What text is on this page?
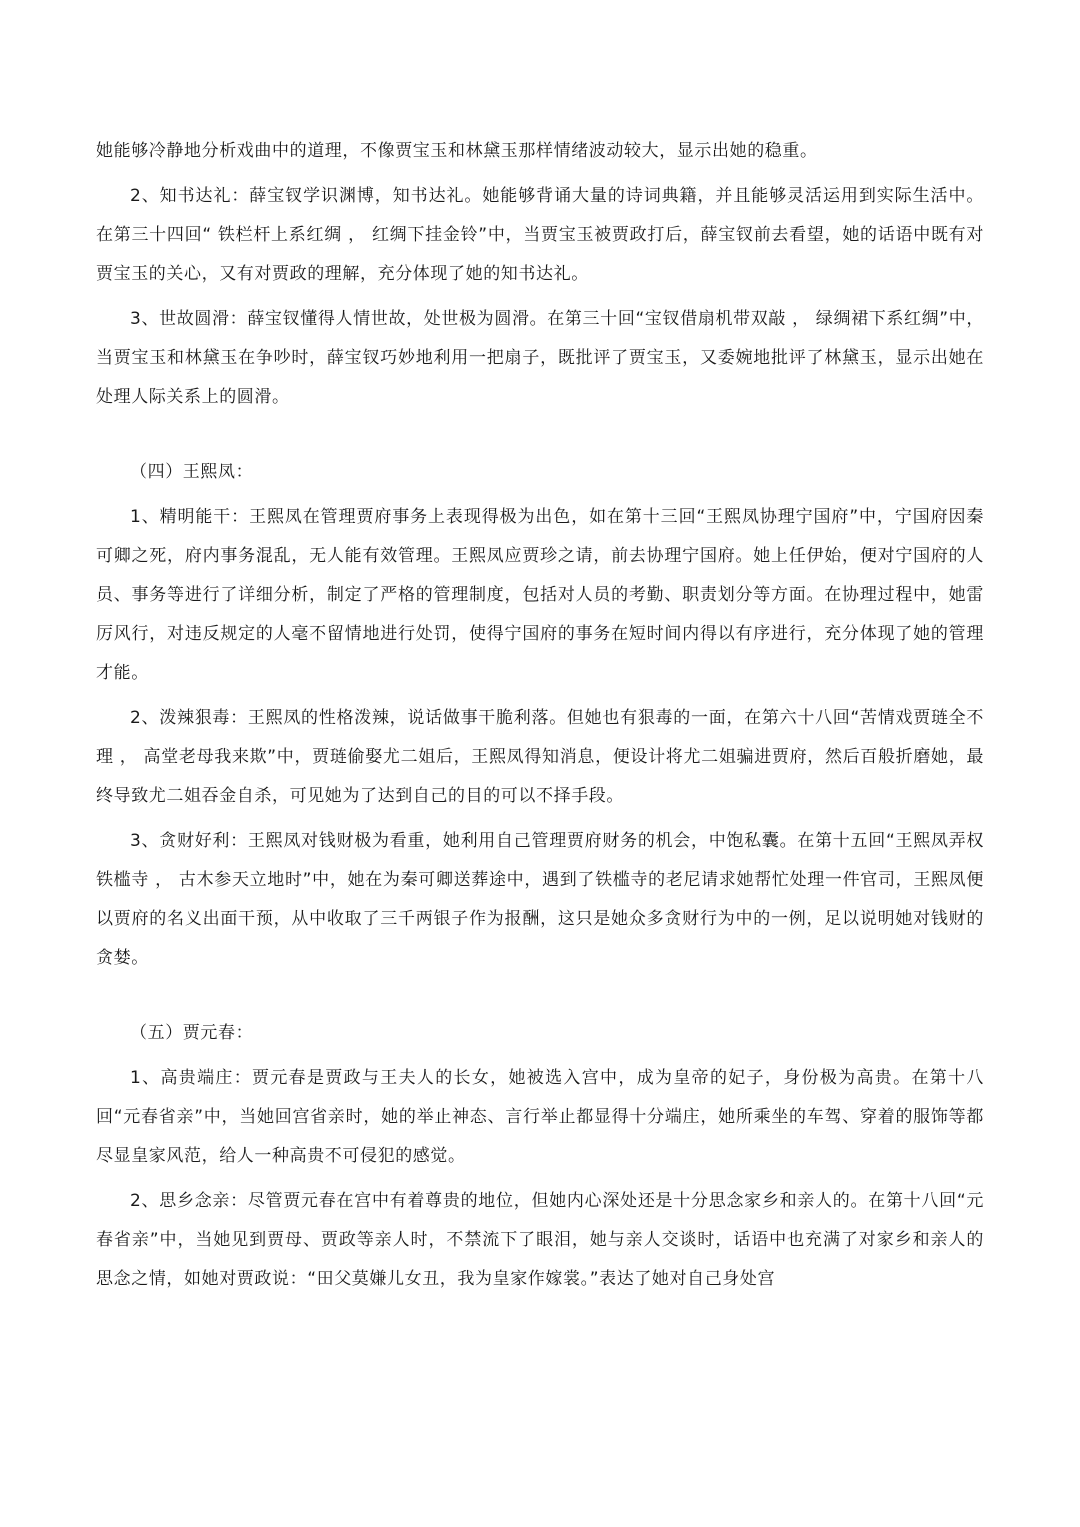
她能够冷静地分析戏曲中的道理，不像贾宝玉和林黛玉那样情绪波动较大，显示出她的稳重。

2、知书达礼：薛宝钗学识渊博，知书达礼。她能够背诵大量的诗词典籍，并且能够灵活运用到实际生活中。在第三十四回“ 铁栏杆上系红绸 ， 红绸下挂金铃”中，当贾宝玉被贾政打后，薛宝钗前去看望，她的话语中既有对贾宝玉的关心，又有对贾政的理解，充分体现了她的知书达礼。

3、世故圆滑：薛宝钗懂得人情世故，处世极为圆滑。在第三十回“宝钗借扇机带双敲 ， 绿绸裙下系红绸”中，当贾宝玉和林黛玉在争吵时，薛宝钗巧妙地利用一把扇子，既批评了贾宝玉，又委婉地批评了林黛玉，显示出她在处理人际关系上的圆滑。

（四）王熙凤：

1、精明能干：王熙凤在管理贾府事务上表现得极为出色，如在第十三回“王熙凤协理宁国府”中，宁国府因秦可卿之死，府内事务混乱，无人能有效管理。王熙凤应贾珍之请，前去协理宁国府。她上任伊始，便对宁国府的人员、事务等进行了详细分析，制定了严格的管理制度，包括对人员的考勤、职责划分等方面。在协理过程中，她雷厉风行，对违反规定的人毫不留情地进行处罚，使得宁国府的事务在短时间内得以有序进行，充分体现了她的管理才能。

2、泼辣狠毒：王熙凤的性格泼辣，说话做事干脆利落。但她也有狠毒的一面，在第六十八回“苦情戏贾琏全不理 ， 高堂老母我来欺”中，贾琏偷娶尤二姐后，王熙凤得知消息，便设计将尤二姐骗进贾府，然后百般折磨她，最终导致尤二姐吞金自杀，可见她为了达到自己的目的可以不择手段。

3、贪财好利：王熙凤对钱财极为看重，她利用自己管理贾府财务的机会，中饱私囊。在第十五回“王熙凤弄权铁槛寺 ， 古木参天立地时”中，她在为秦可卿送葬途中，遇到了铁槛寺的老尼请求她帮忙处理一件官司，王熙凤便以贾府的名义出面干预，从中收取了三千两银子作为报酬，这只是她众多贪财行为中的一例，足以说明她对钱财的贪婪。

（五）贾元春：

1、高贵端庄：贾元春是贾政与王夫人的长女，她被选入宫中，成为皇帝的妃子，身份极为高贵。在第十八回“元春省亲”中，当她回宫省亲时，她的举止神态、言行举止都显得十分端庄，她所乘坐的车驾、穿着的服饰等都尽显皇家风范，给人一种高贵不可侵犯的感觉。

2、思乡念亲：尽管贾元春在宫中有着尊贵的地位，但她内心深处还是十分思念家乡和亲人的。在第十八回“元春省亲”中，当她见到贾母、贾政等亲人时，不禁流下了眼泪，她与亲人交谈时，话语中也充满了对家乡和亲人的思念之情，如她对贾政说：“田父莫嫌儿女丑，我为皇家作嫁裳。”表达了她对自己身处宫
